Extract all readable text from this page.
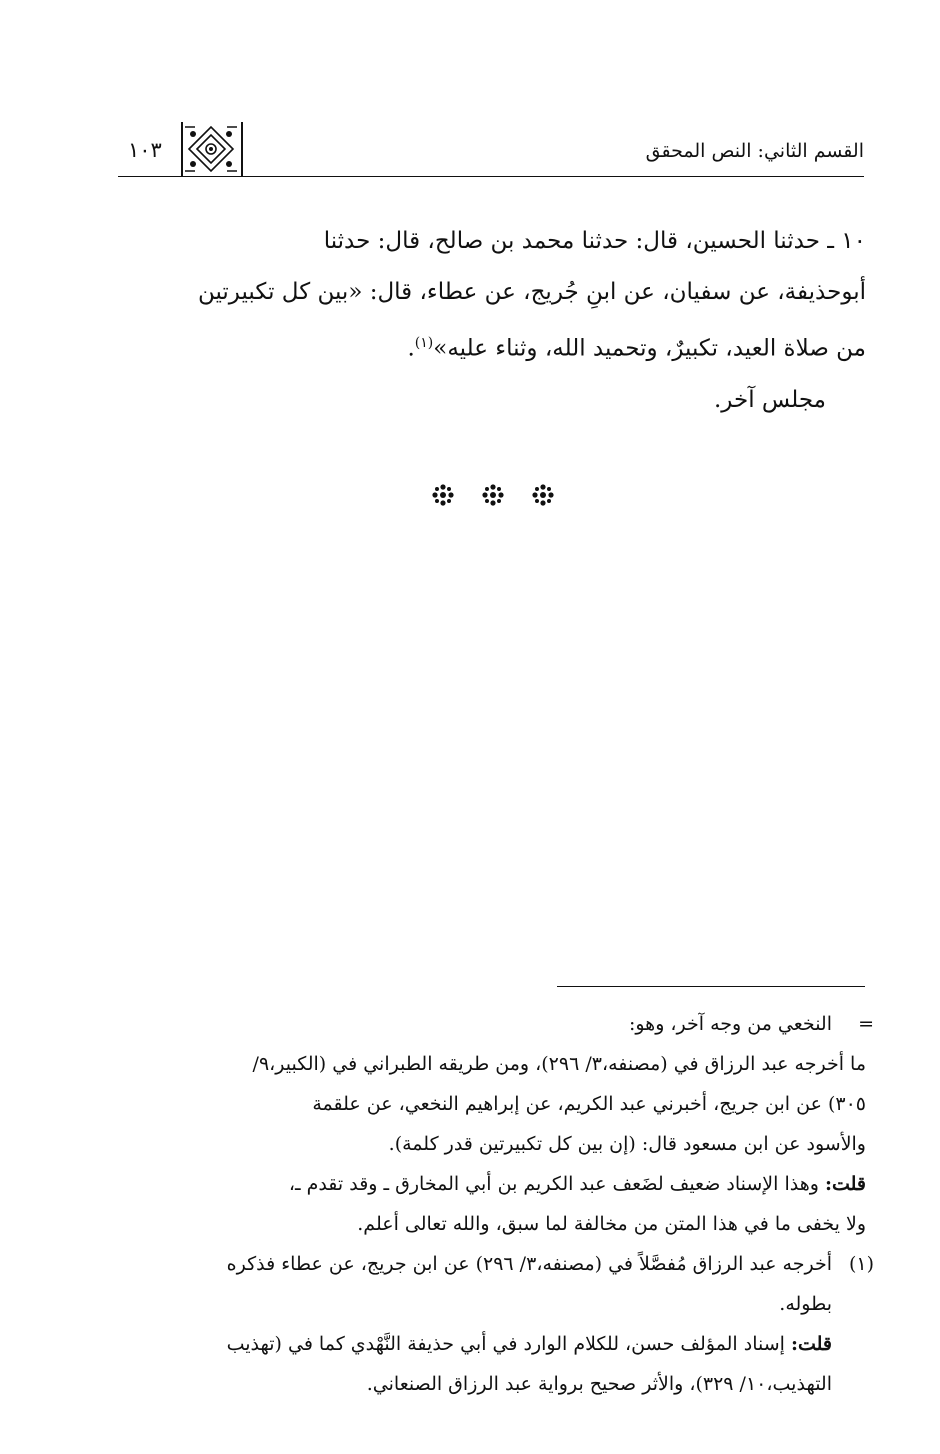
القسم الثاني: النص المحقق
١٠٣
١٠ ـ حدثنا الحسين، قال: حدثنا محمد بن صالح، قال: حدثنا
أبوحذيفة، عن سفيان، عن ابنِ جُريج، عن عطاء، قال: «بين كل تكبيرتين
من صلاة العيد، تكبيرٌ، وتحميد الله، وثناء عليه»$^{(١)}$.
مجلس آخر.
=
النخعي من وجه آخر، وهو:
ما أخرجه عبد الرزاق في (مصنفه،٣/ ٢٩٦)، ومن طريقه الطبراني في (الكبير،٩/
٣٠٥) عن ابن جريج، أخبرني عبد الكريم، عن إبراهيم النخعي، عن علقمة
والأسود عن ابن مسعود قال: (إن بين كل تكبيرتين قدر كلمة).
قلت: وهذا الإسناد ضعيف لضَعف عبد الكريم بن أبي المخارق ـ وقد تقدم ـ،
ولا يخفى ما في هذا المتن من مخالفة لما سبق، والله تعالى أعلم.
(١)
أخرجه عبد الرزاق مُفصَّلاً في (مصنفه،٣/ ٢٩٦) عن ابن جريج، عن عطاء فذكره
بطوله.
قلت: إسناد المؤلف حسن، للكلام الوارد في أبي حذيفة النَّهْدي كما في (تهذيب
التهذيب،١٠/ ٣٢٩)، والأثر صحيح برواية عبد الرزاق الصنعاني.
